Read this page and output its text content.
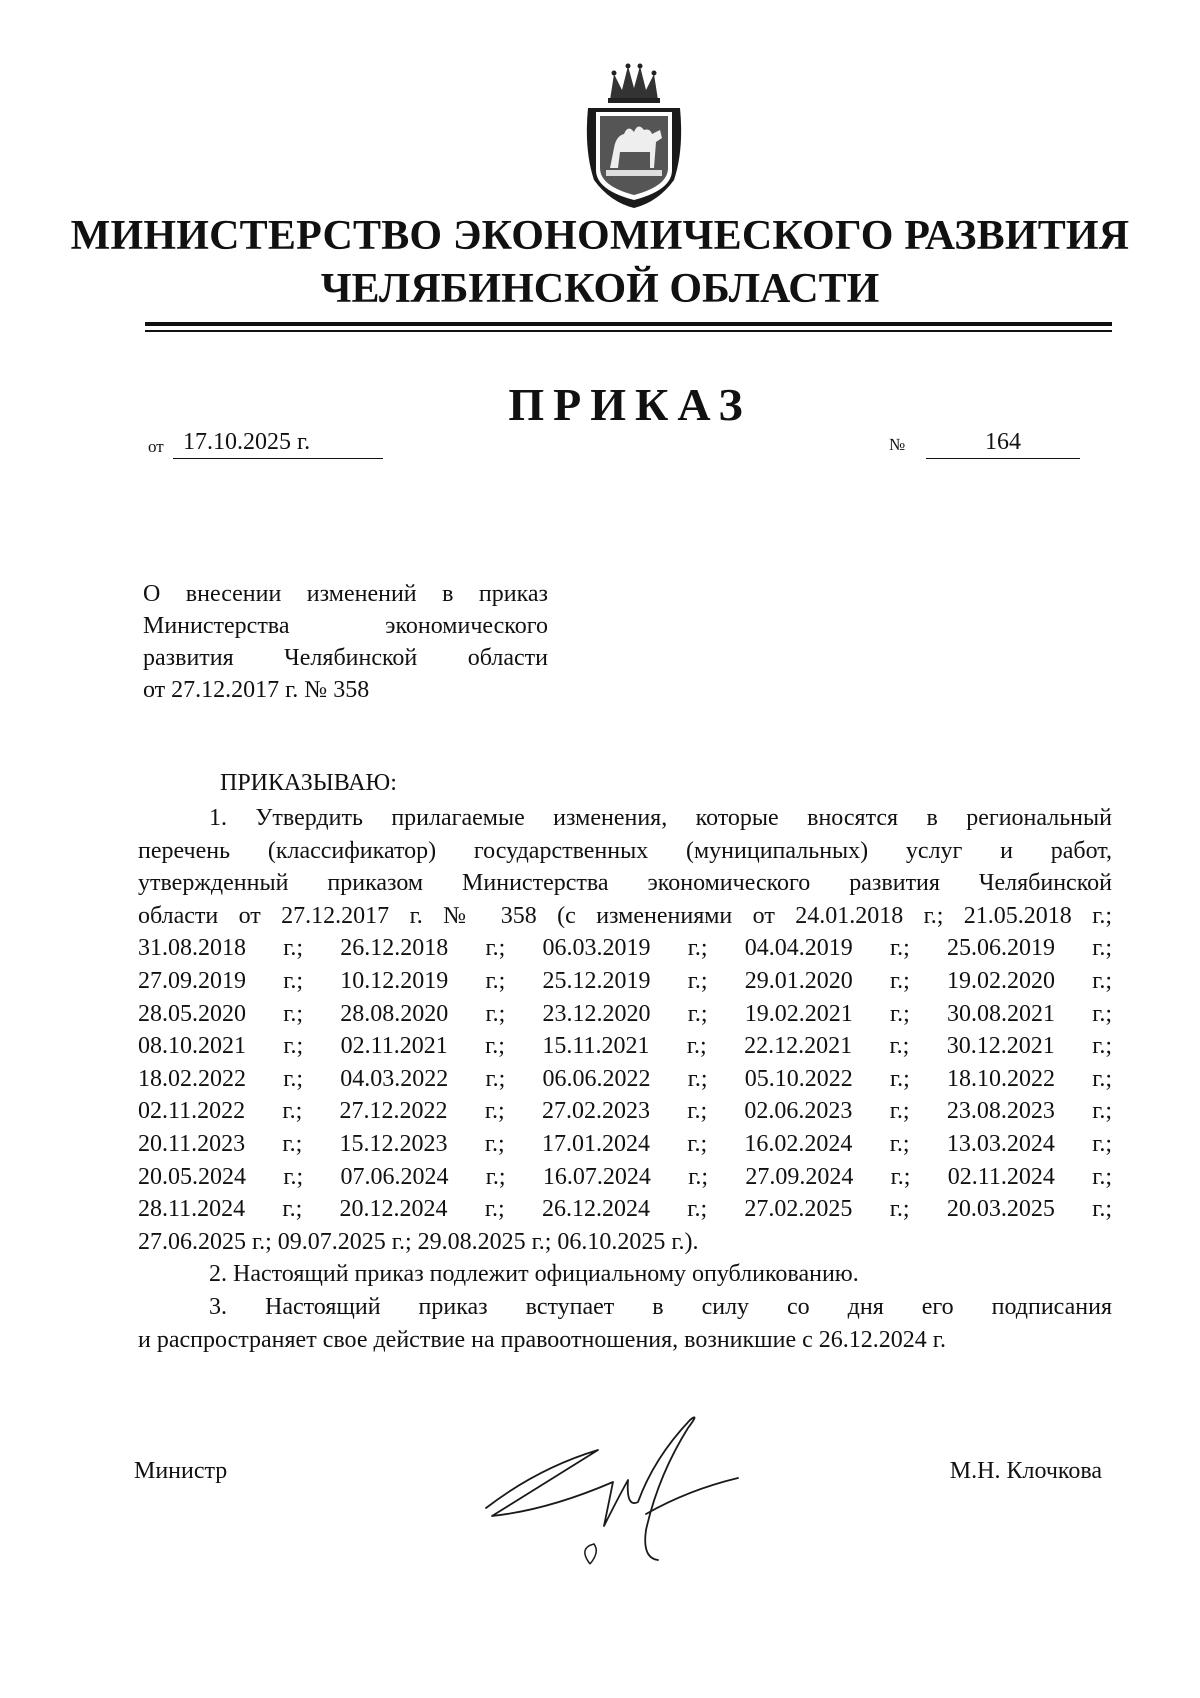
МИНИСТЕРСТВО ЭКОНОМИЧЕСКОГО РАЗВИТИЯ
ЧЕЛЯБИНСКОЙ ОБЛАСТИ
ПРИКАЗ
от 17.10.2025 г.	№	164
О внесении изменений в приказ
Министерства экономического
развития Челябинской области
от 27.12.2017 г. № 358
ПРИКАЗЫВАЮ:
1. Утвердить прилагаемые изменения, которые вносятся в региональный
перечень (классификатор) государственных (муниципальных) услуг и работ,
утвержденный приказом Министерства экономического развития Челябинской
области от 27.12.2017 г. № 358 (с изменениями от 24.01.2018 г.; 21.05.2018 г.;
31.08.2018 г.; 26.12.2018 г.; 06.03.2019 г.; 04.04.2019 г.; 25.06.2019 г.;
27.09.2019 г.; 10.12.2019 г.; 25.12.2019 г.; 29.01.2020 г.; 19.02.2020 г.;
28.05.2020 г.; 28.08.2020 г.; 23.12.2020 г.; 19.02.2021 г.; 30.08.2021 г.;
08.10.2021 г.; 02.11.2021 г.; 15.11.2021 г.; 22.12.2021 г.; 30.12.2021 г.;
18.02.2022 г.; 04.03.2022 г.; 06.06.2022 г.; 05.10.2022 г.; 18.10.2022 г.;
02.11.2022 г.; 27.12.2022 г.; 27.02.2023 г.; 02.06.2023 г.; 23.08.2023 г.;
20.11.2023 г.; 15.12.2023 г.; 17.01.2024 г.; 16.02.2024 г.; 13.03.2024 г.;
20.05.2024 г.; 07.06.2024 г.; 16.07.2024 г.; 27.09.2024 г.; 02.11.2024 г.;
28.11.2024 г.; 20.12.2024 г.; 26.12.2024 г.; 27.02.2025 г.; 20.03.2025 г.;
27.06.2025 г.; 09.07.2025 г.; 29.08.2025 г.; 06.10.2025 г.).
2. Настоящий приказ подлежит официальному опубликованию.
3. Настоящий приказ вступает в силу со дня его подписания
и распространяет свое действие на правоотношения, возникшие с 26.12.2024 г.
Министр	М.Н. Клочкова
